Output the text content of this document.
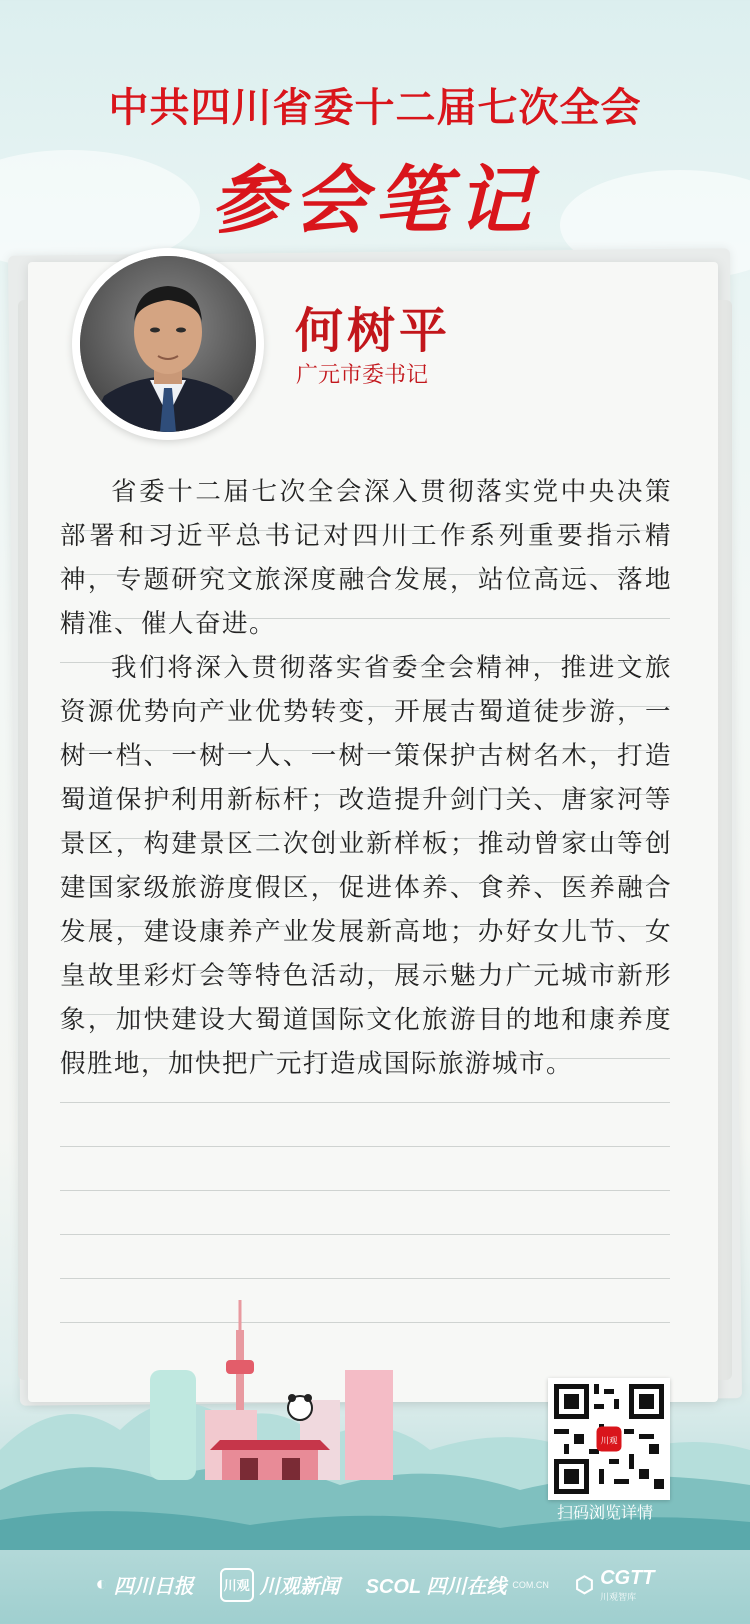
中共四川省委十二届七次全会
参会笔记
何树平
广元市委书记

省委十二届七次全会深入贯彻落实党中央决策部署和习近平总书记对四川工作系列重要指示精神，专题研究文旅深度融合发展，站位高远、落地精准、催人奋进。

我们将深入贯彻落实省委全会精神，推进文旅资源优势向产业优势转变，开展古蜀道徒步游，一树一档、一树一人、一树一策保护古树名木，打造蜀道保护利用新标杆；改造提升剑门关、唐家河等景区，构建景区二次创业新样板；推动曾家山等创建国家级旅游度假区，促进体养、食养、医养融合发展，建设康养产业发展新高地；办好女儿节、女皇故里彩灯会等特色活动，展示魅力广元城市新形象，加快建设大蜀道国际文化旅游目的地和康养度假胜地，加快把广元打造成国际旅游城市。

川观
扫码浏览详情
◐ 四川日报	川观 川观新闻 SCOL 四川在线 COM.CN ⬡ CGTT
川观智库
